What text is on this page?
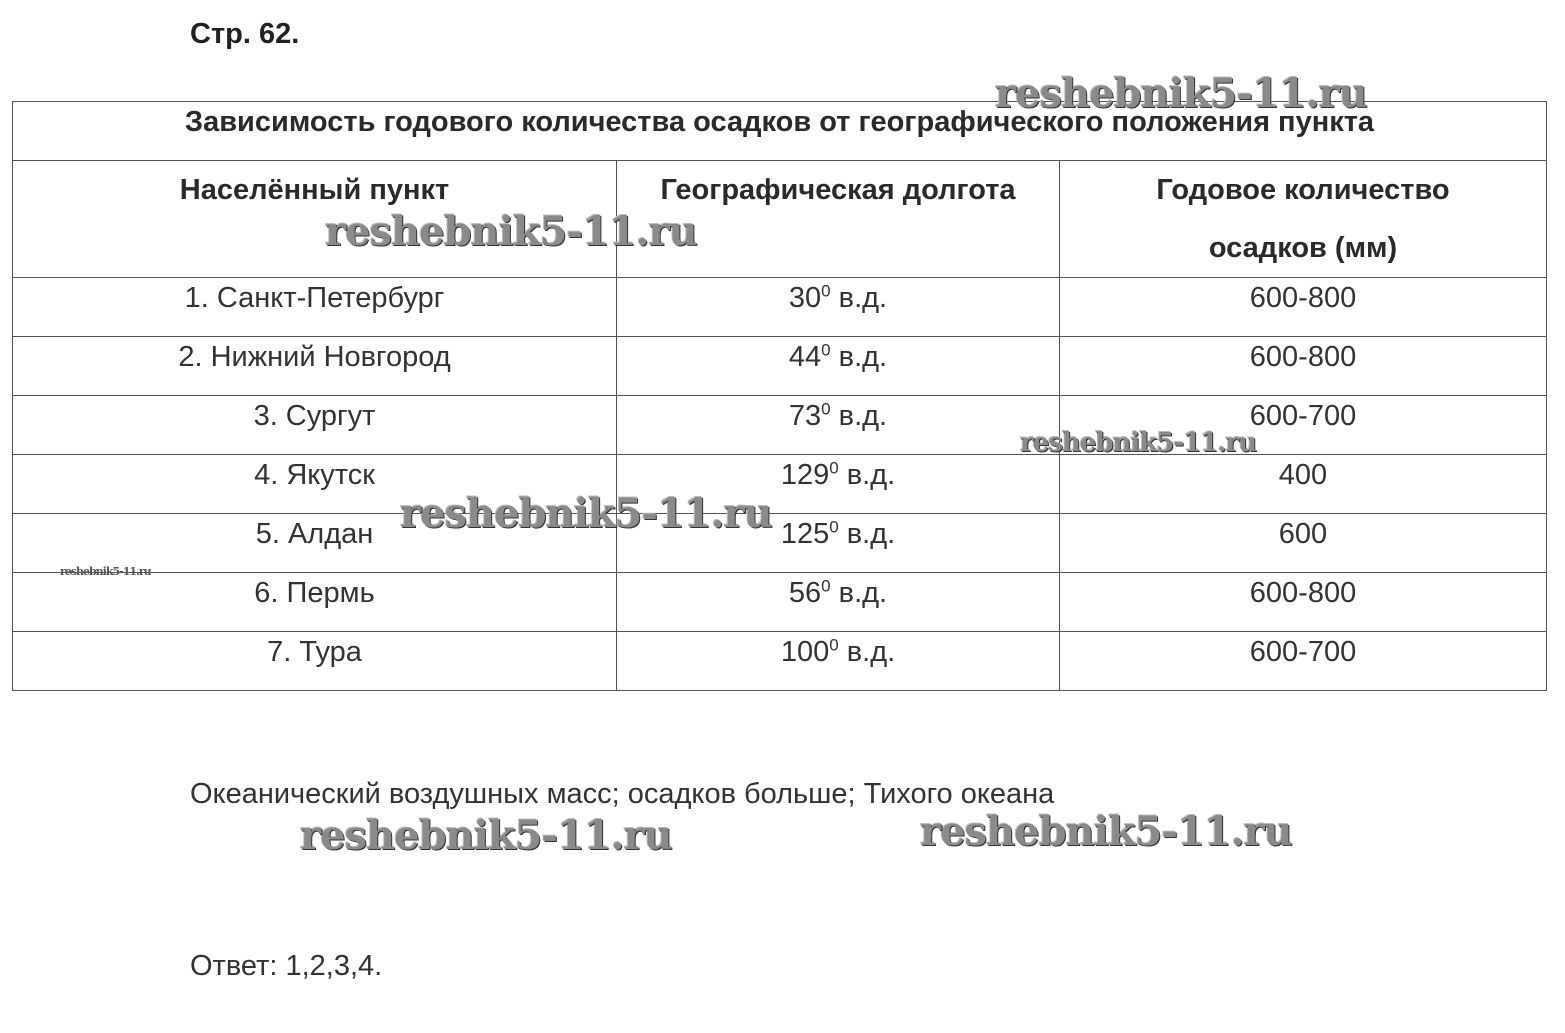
Стр. 62.
Зависимость годового количества осадков от географического положения пункта		
Населённый пункт	Географическая долгота	Годовое количество осадков (мм)
1. Санкт-Петербург	$30^0$ в.д.	600-800
2. Нижний Новгород	$44^0$ в.д.	600-800
3. Сургут	$73^0$ в.д.	600-700
4. Якутск	$129^0$ в.д.	400
5. Алдан	$125^0$ в.д.	600
6. Пермь	$56^0$ в.д.	600-800
7. Тура	$100^0$ в.д.	600-700
Океанический воздушных масс; осадков больше; Тихого океана
Ответ: 1,2,3,4.
reshebnik5-11.ru
reshebnik5-11.ru
reshebnik5-11.ru
reshebnik5-11.ru
reshebnik5-11.ru
reshebnik5-11.ru	reshebnik5-11.ru
